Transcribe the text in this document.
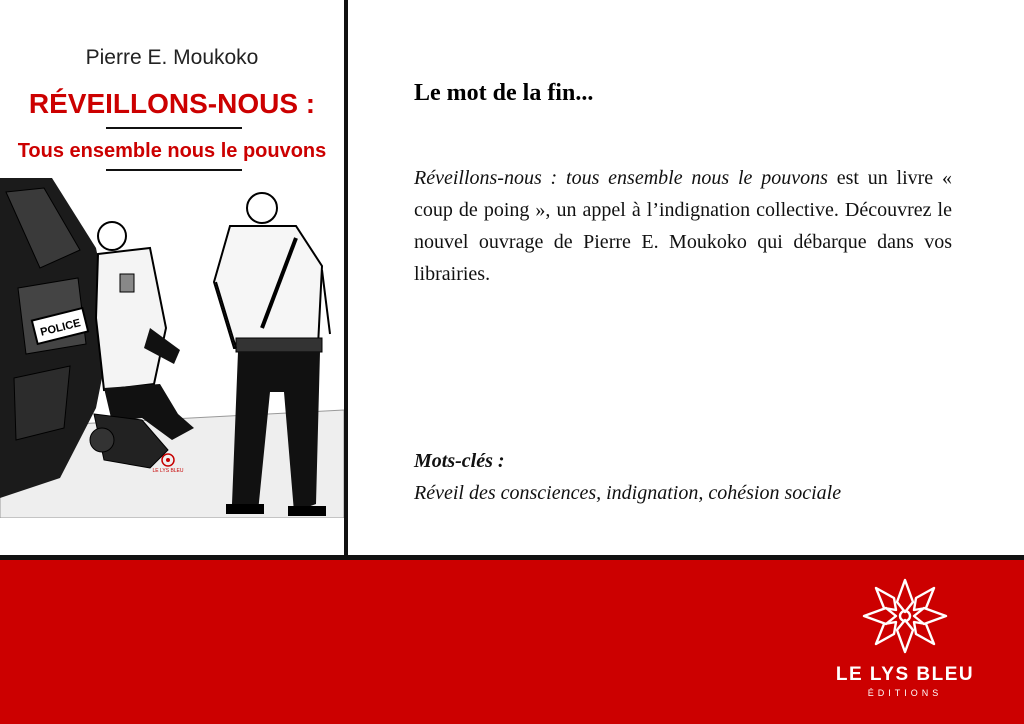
Pierre E. Moukoko
RÉVEILLONS-NOUS :
Tous ensemble nous le pouvons
POLICE
LE LYS BLEU
Le mot de la fin...
Réveillons-nous : tous ensemble nous le pouvons est un livre « coup de poing », un appel à l’indignation collective. Découvrez le nouvel ouvrage de Pierre E. Moukoko qui débarque dans vos librairies.
Mots-clés :
Réveil des consciences, indignation, cohésion sociale
LE LYS BLEU
ÉDITIONS
